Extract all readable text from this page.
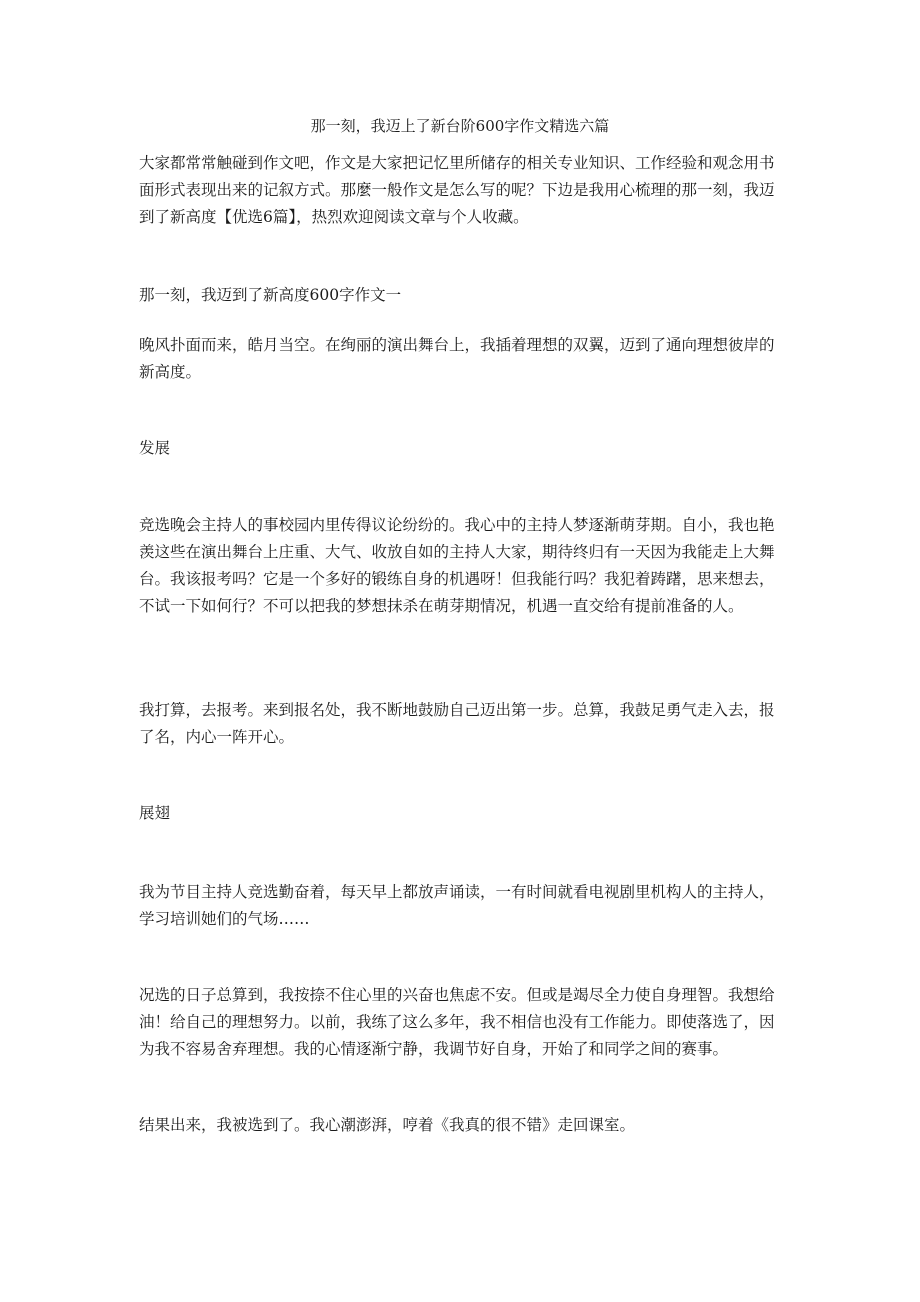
那一刻，我迈上了新台阶600字作文精选六篇

大家都常常触碰到作文吧，作文是大家把记忆里所储存的相关专业知识、工作经验和观念用书面形式表现出来的记叙方式。那麼一般作文是怎么写的呢？下边是我用心梳理的那一刻，我迈到了新高度【优选6篇】，热烈欢迎阅读文章与个人收藏。

那一刻，我迈到了新高度600字作文一

晚风扑面而来，皓月当空。在绚丽的演出舞台上，我插着理想的双翼，迈到了通向理想彼岸的新高度。

发展

竞选晚会主持人的事校园内里传得议论纷纷的。我心中的主持人梦逐渐萌芽期。自小，我也艳羡这些在演出舞台上庄重、大气、收放自如的主持人大家，期待终归有一天因为我能走上大舞台。我该报考吗？它是一个多好的锻练自身的机遇呀！但我能行吗？我犯着踌躇，思来想去，不试一下如何行？不可以把我的梦想抹杀在萌芽期情况，机遇一直交给有提前准备的人。

我打算，去报考。来到报名处，我不断地鼓励自己迈出第一步。总算，我鼓足勇气走入去，报了名，内心一阵开心。

展翅

我为节目主持人竞选勤奋着，每天早上都放声诵读，一有时间就看电视剧里机构人的主持人，学习培训她们的气场……

况选的日子总算到，我按捺不住心里的兴奋也焦虑不安。但或是竭尽全力使自身理智。我想给油！给自己的理想努力。以前，我练了这么多年，我不相信也没有工作能力。即使落选了，因为我不容易舍弃理想。我的心情逐渐宁静，我调节好自身，开始了和同学之间的赛事。

结果出来，我被选到了。我心潮澎湃，哼着《我真的很不错》走回课室。
